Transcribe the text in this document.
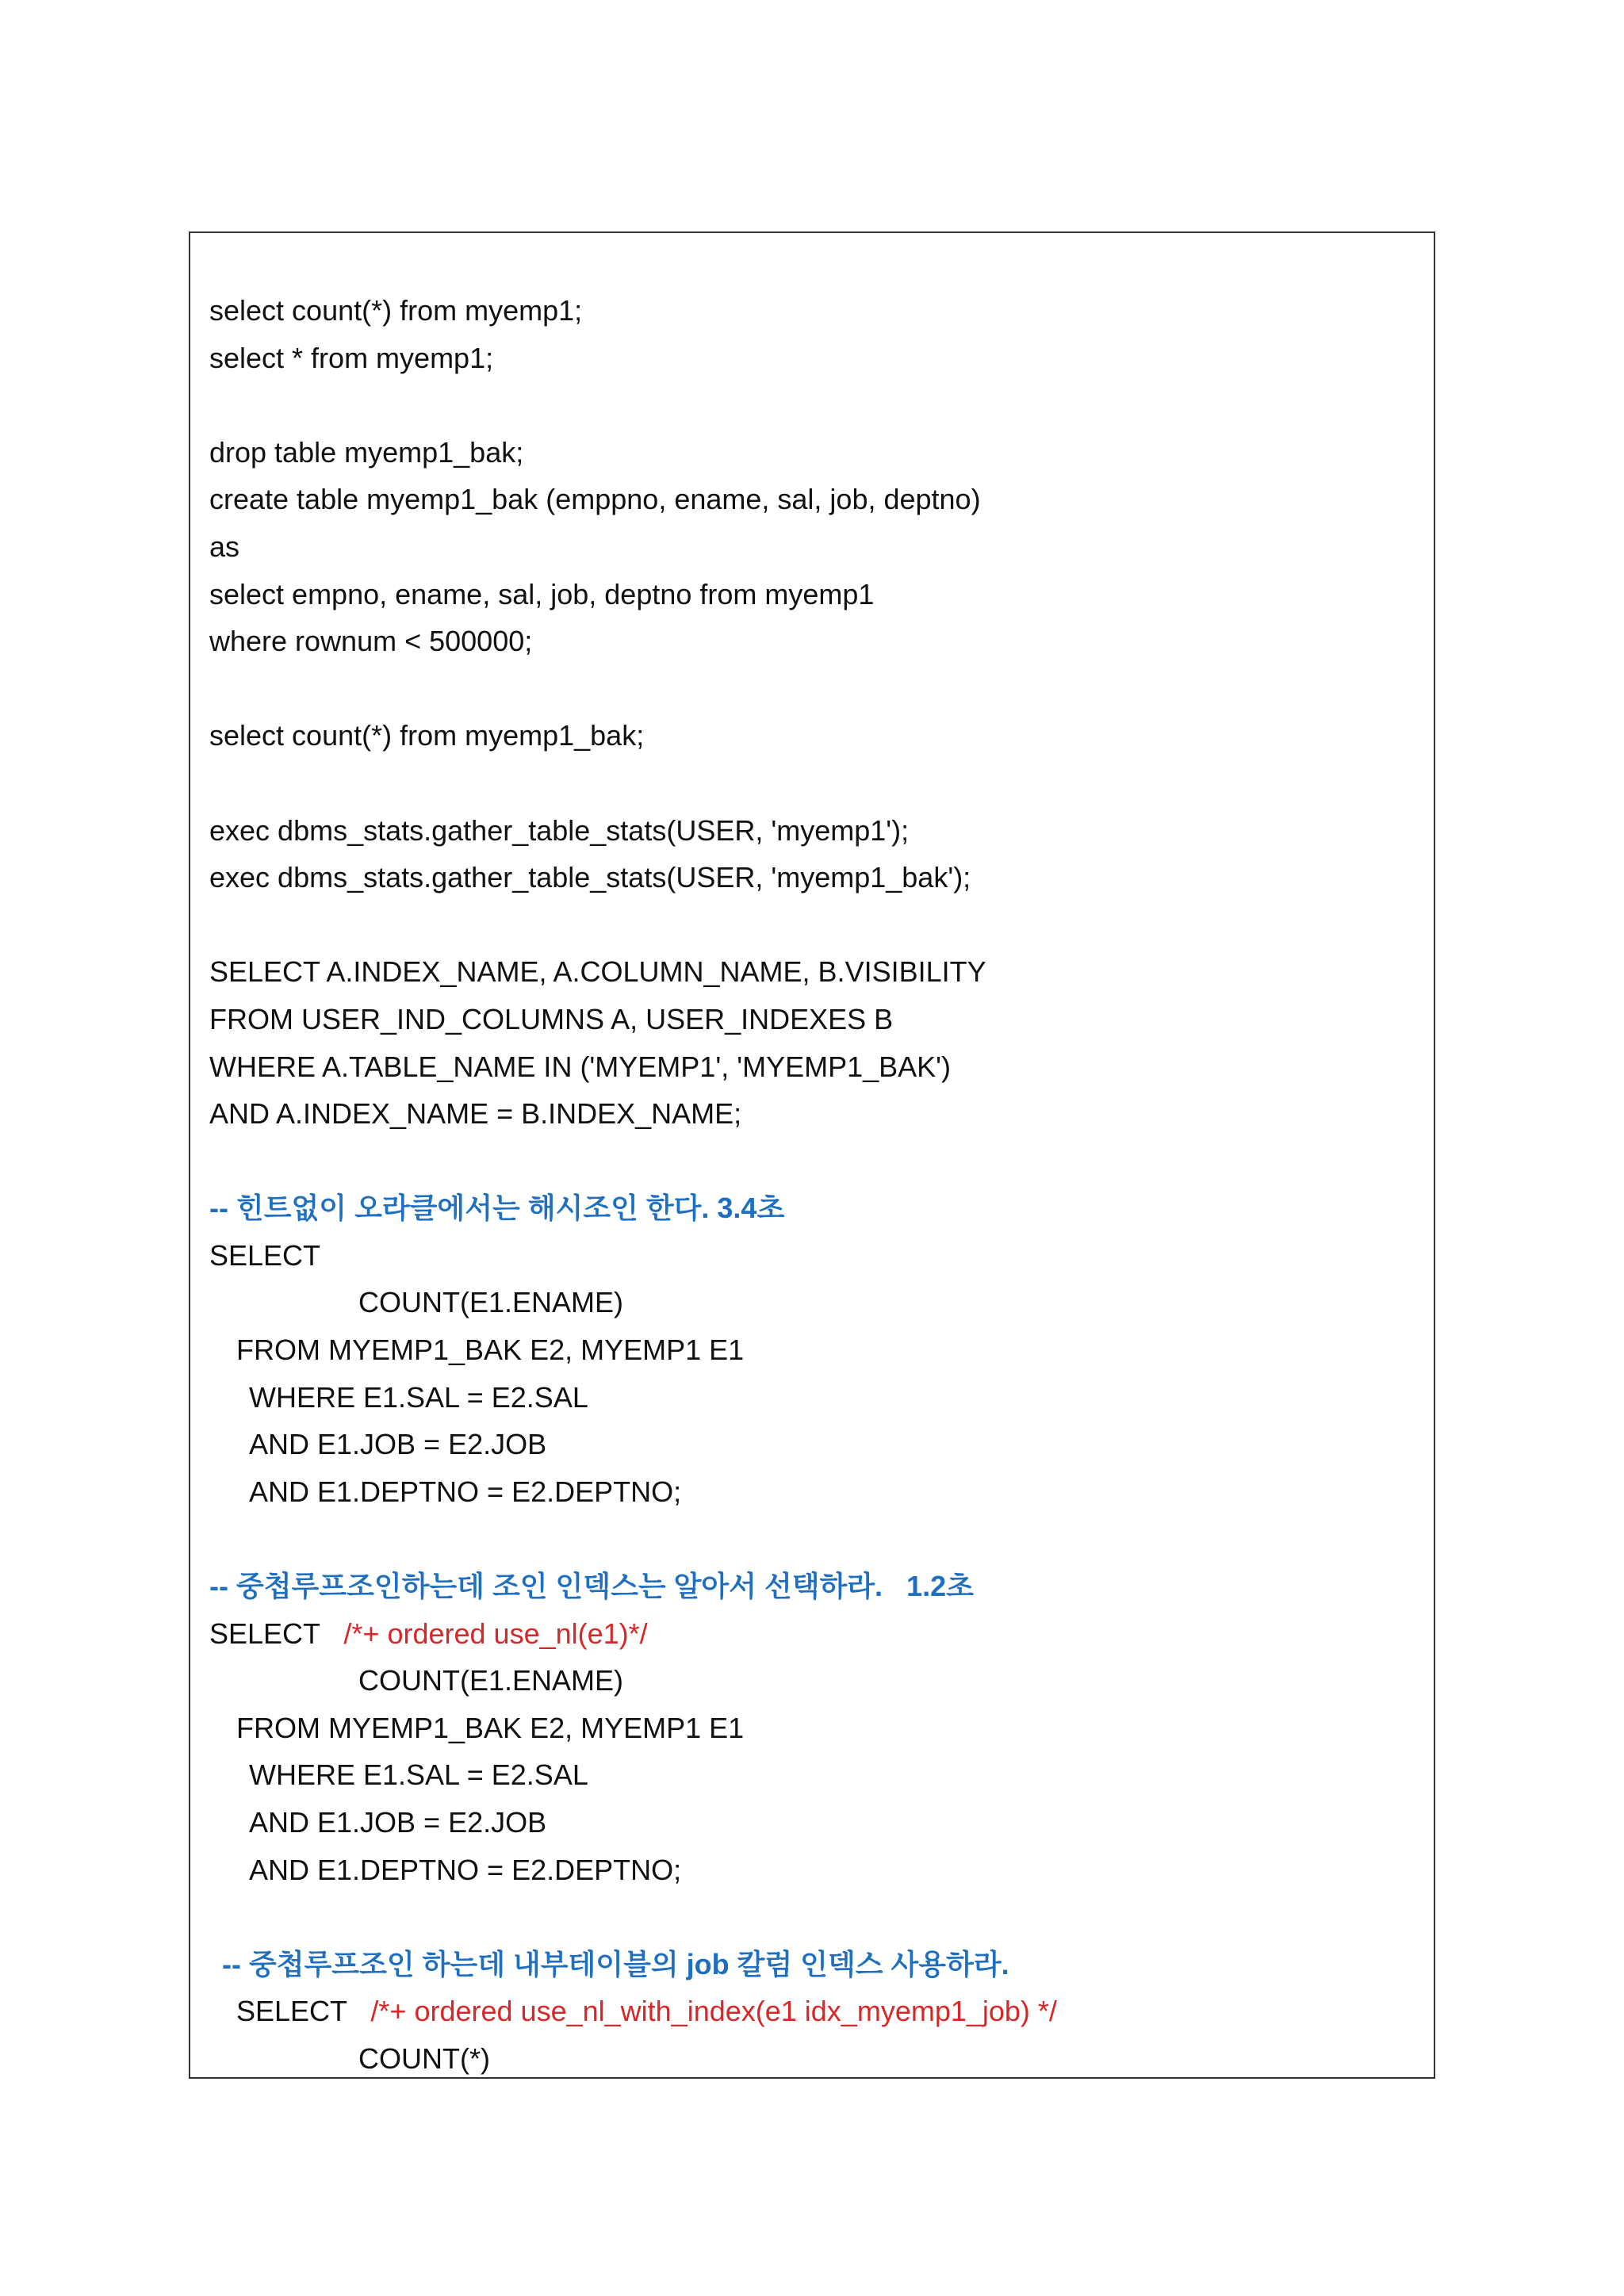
select count(*) from myemp1;
select * from myemp1;
drop table myemp1_bak;
create table myemp1_bak (emppno, ename, sal, job, deptno)
as
select empno, ename, sal, job, deptno from myemp1
where rownum < 500000;
select count(*) from myemp1_bak;
exec dbms_stats.gather_table_stats(USER, 'myemp1');
exec dbms_stats.gather_table_stats(USER, 'myemp1_bak');
SELECT A.INDEX_NAME, A.COLUMN_NAME, B.VISIBILITY
FROM USER_IND_COLUMNS A, USER_INDEXES B
WHERE A.TABLE_NAME IN ('MYEMP1', 'MYEMP1_BAK')
AND A.INDEX_NAME = B.INDEX_NAME;
-- 힌트없이 오라클에서는 해시조인 한다. 3.4초
SELECT
COUNT(E1.ENAME)
FROM MYEMP1_BAK E2, MYEMP1 E1
WHERE E1.SAL = E2.SAL
AND E1.JOB = E2.JOB
AND E1.DEPTNO = E2.DEPTNO;
-- 중첩루프조인하는데 조인 인덱스는 알아서 선택하라.   1.2초
SELECT /*+ ordered use_nl(e1)*/
COUNT(E1.ENAME)
FROM MYEMP1_BAK E2, MYEMP1 E1
WHERE E1.SAL = E2.SAL
AND E1.JOB = E2.JOB
AND E1.DEPTNO = E2.DEPTNO;
-- 중첩루프조인 하는데 내부테이블의 job 칼럼 인덱스 사용하라.
SELECT /*+ ordered use_nl_with_index(e1 idx_myemp1_job) */
COUNT(*)
